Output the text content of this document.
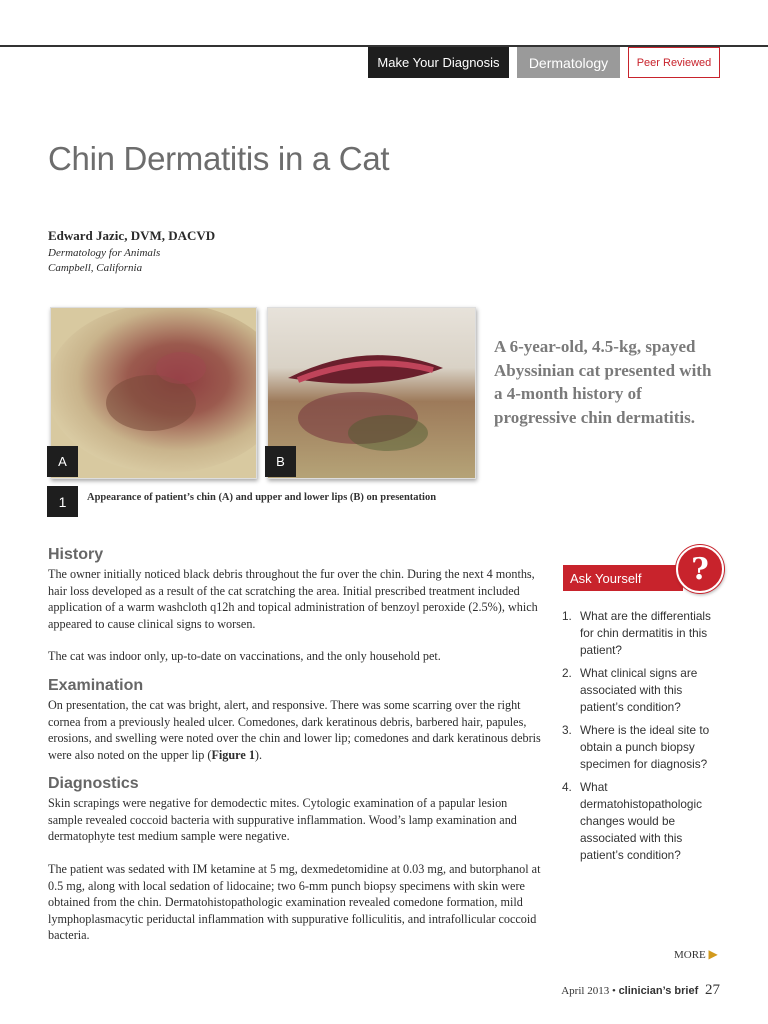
Make Your Diagnosis	Dermatology	Peer Reviewed
Chin Dermatitis in a Cat
Edward Jazic, DVM, DACVD
Dermatology for Animals
Campbell, California
A	B
A 6-year-old, 4.5-kg, spayed Abyssinian cat presented with a 4-month history of progressive chin dermatitis.
1	Appearance of patient’s chin (A) and upper and lower lips (B) on presentation
History

The owner initially noticed black debris throughout the fur over the chin. During the next 4 months, hair loss developed as a result of the cat scratching the area. Initial prescribed treatment included application of a warm washcloth q12h and topical administration of benzoyl peroxide (2.5%), which appeared to cause clinical signs to worsen.

The cat was indoor only, up-to-date on vaccinations, and the only household pet.

Examination

On presentation, the cat was bright, alert, and responsive. There was some scarring over the right cornea from a previously healed ulcer. Comedones, dark keratinous debris, barbered hair, papules, erosions, and swelling were noted over the chin and lower lip; comedones and dark keratinous debris were also noted on the upper lip (Figure 1).

Diagnostics

Skin scrapings were negative for demodectic mites. Cytologic examination of a papular lesion sample revealed coccoid bacteria with suppurative inflammation. Wood’s lamp examination and dermatophyte test medium sample were negative.

The patient was sedated with IM ketamine at 5 mg, dexmedetomidine at 0.03 mg, and butorphanol at 0.5 mg, along with local sedation of lidocaine; two 6-mm punch biopsy specimens with skin were obtained from the chin. Dermatohistopathologic examination revealed comedone formation, mild lymphoplasmacytic periductal inflammation with suppurative folliculitis, and intrafollicular coccoid bacteria.

Ask Yourself	?
1. What are the differentials for chin dermatitis in this patient?
2. What clinical signs are associated with this patient’s condition?
3. Where is the ideal site to obtain a punch biopsy specimen for diagnosis?
4. What dermatohistopathologic changes would be associated with this patient’s condition?
MORE ▶
April 2013 • clinician’s brief 27
